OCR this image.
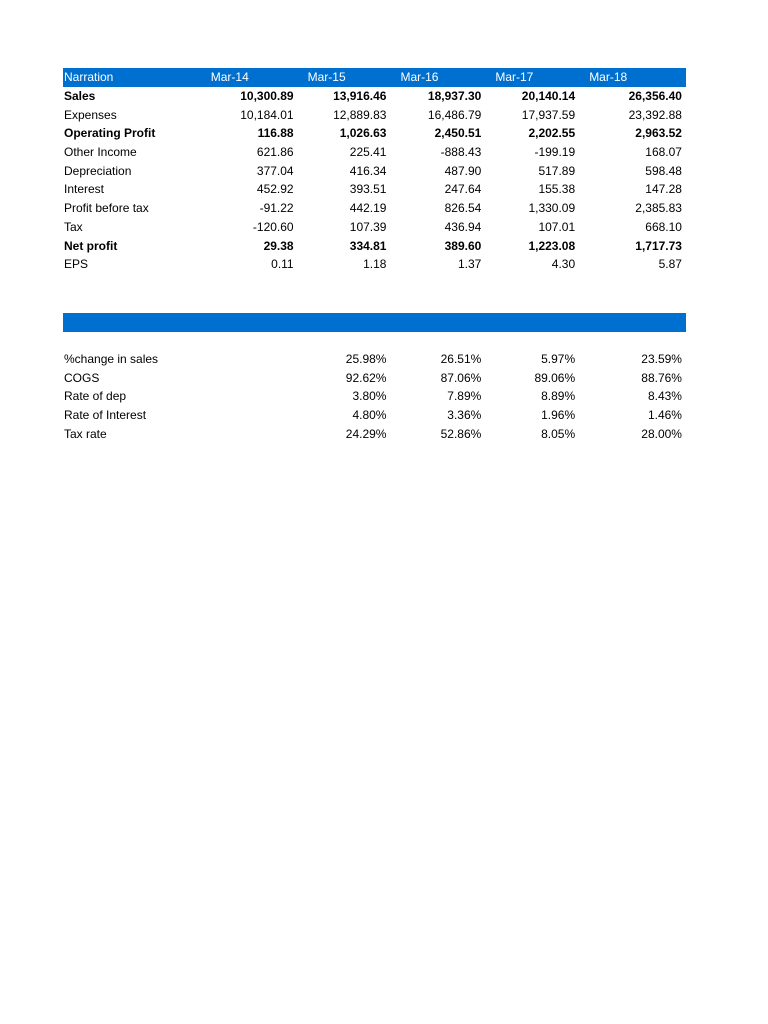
Narration	Mar-14	Mar-15	Mar-16	Mar-17	Mar-18
Sales	10,300.89	13,916.46	18,937.30	20,140.14	26,356.40
Expenses	10,184.01	12,889.83	16,486.79	17,937.59	23,392.88
Operating Profit	116.88	1,026.63	2,450.51	2,202.55	2,963.52
Other Income	621.86	225.41	-888.43	-199.19	168.07
Depreciation	377.04	416.34	487.90	517.89	598.48
Interest	452.92	393.51	247.64	155.38	147.28
Profit before tax	-91.22	442.19	826.54	1,330.09	2,385.83
Tax	-120.60	107.39	436.94	107.01	668.10
Net profit	29.38	334.81	389.60	1,223.08	1,717.73
EPS	0.11	1.18	1.37	4.30	5.87
%change in sales	25.98%	26.51%	5.97%	23.59%
COGS	92.62%	87.06%	89.06%	88.76%
Rate of dep	3.80%	7.89%	8.89%	8.43%
Rate of Interest	4.80%	3.36%	1.96%	1.46%
Tax rate	24.29%	52.86%	8.05%	28.00%
